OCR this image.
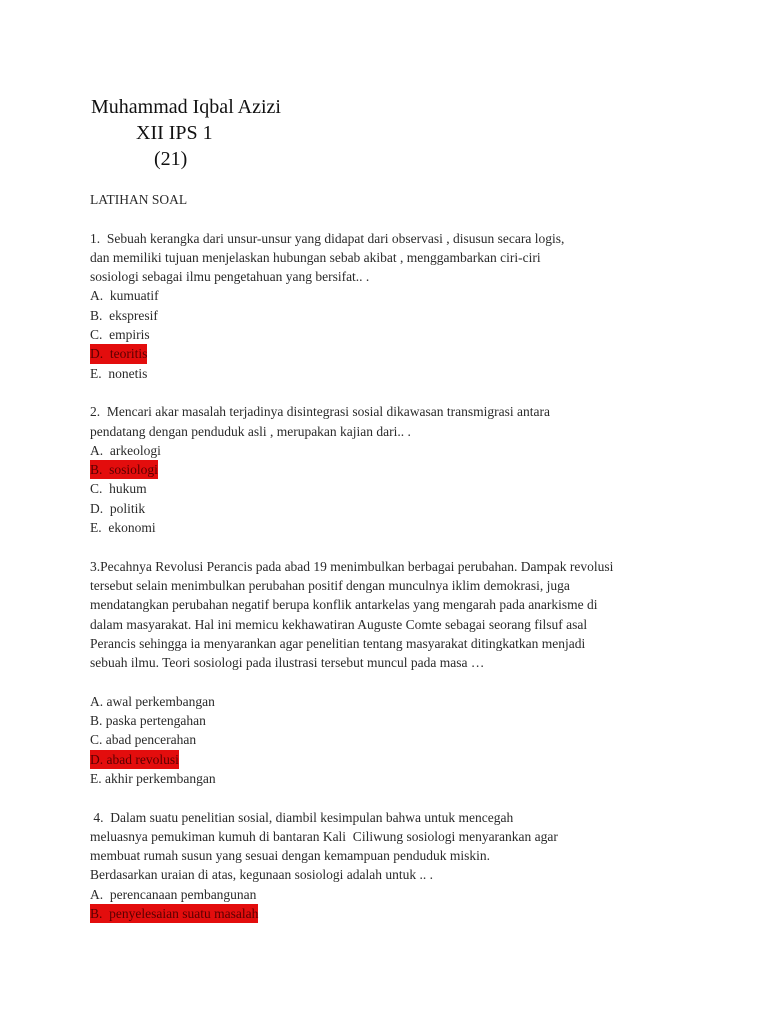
Muhammad Iqbal Azizi
XII IPS 1
(21)

LATIHAN SOAL

1.  Sebuah kerangka dari unsur-unsur yang didapat dari observasi , disusun secara logis,

dan memiliki tujuan menjelaskan hubungan sebab akibat , menggambarkan ciri-ciri

sosiologi sebagai ilmu pengetahuan yang bersifat.. .

A.  kumuatif

B.  ekspresif

C.  empiris

D.  teoritis

E.  nonetis

2.  Mencari akar masalah terjadinya disintegrasi sosial dikawasan transmigrasi antara

pendatang dengan penduduk asli , merupakan kajian dari.. .

A.  arkeologi

B.  sosiologi

C.  hukum

D.  politik

E.  ekonomi

3.Pecahnya Revolusi Perancis pada abad 19 menimbulkan berbagai perubahan. Dampak revolusi

tersebut selain menimbulkan perubahan positif dengan munculnya iklim demokrasi, juga

mendatangkan perubahan negatif berupa konflik antarkelas yang mengarah pada anarkisme di

dalam masyarakat. Hal ini memicu kekhawatiran Auguste Comte sebagai seorang filsuf asal

Perancis sehingga ia menyarankan agar penelitian tentang masyarakat ditingkatkan menjadi

sebuah ilmu. Teori sosiologi pada ilustrasi tersebut muncul pada masa …

A. awal perkembangan

B. paska pertengahan

C. abad pencerahan

D. abad revolusi

E. akhir perkembangan

4.  Dalam suatu penelitian sosial, diambil kesimpulan bahwa untuk mencegah

meluasnya pemukiman kumuh di bantaran Kali  Ciliwung sosiologi menyarankan agar

membuat rumah susun yang sesuai dengan kemampuan penduduk miskin.

Berdasarkan uraian di atas, kegunaan sosiologi adalah untuk .. .

A.  perencanaan pembangunan

B.  penyelesaian suatu masalah
